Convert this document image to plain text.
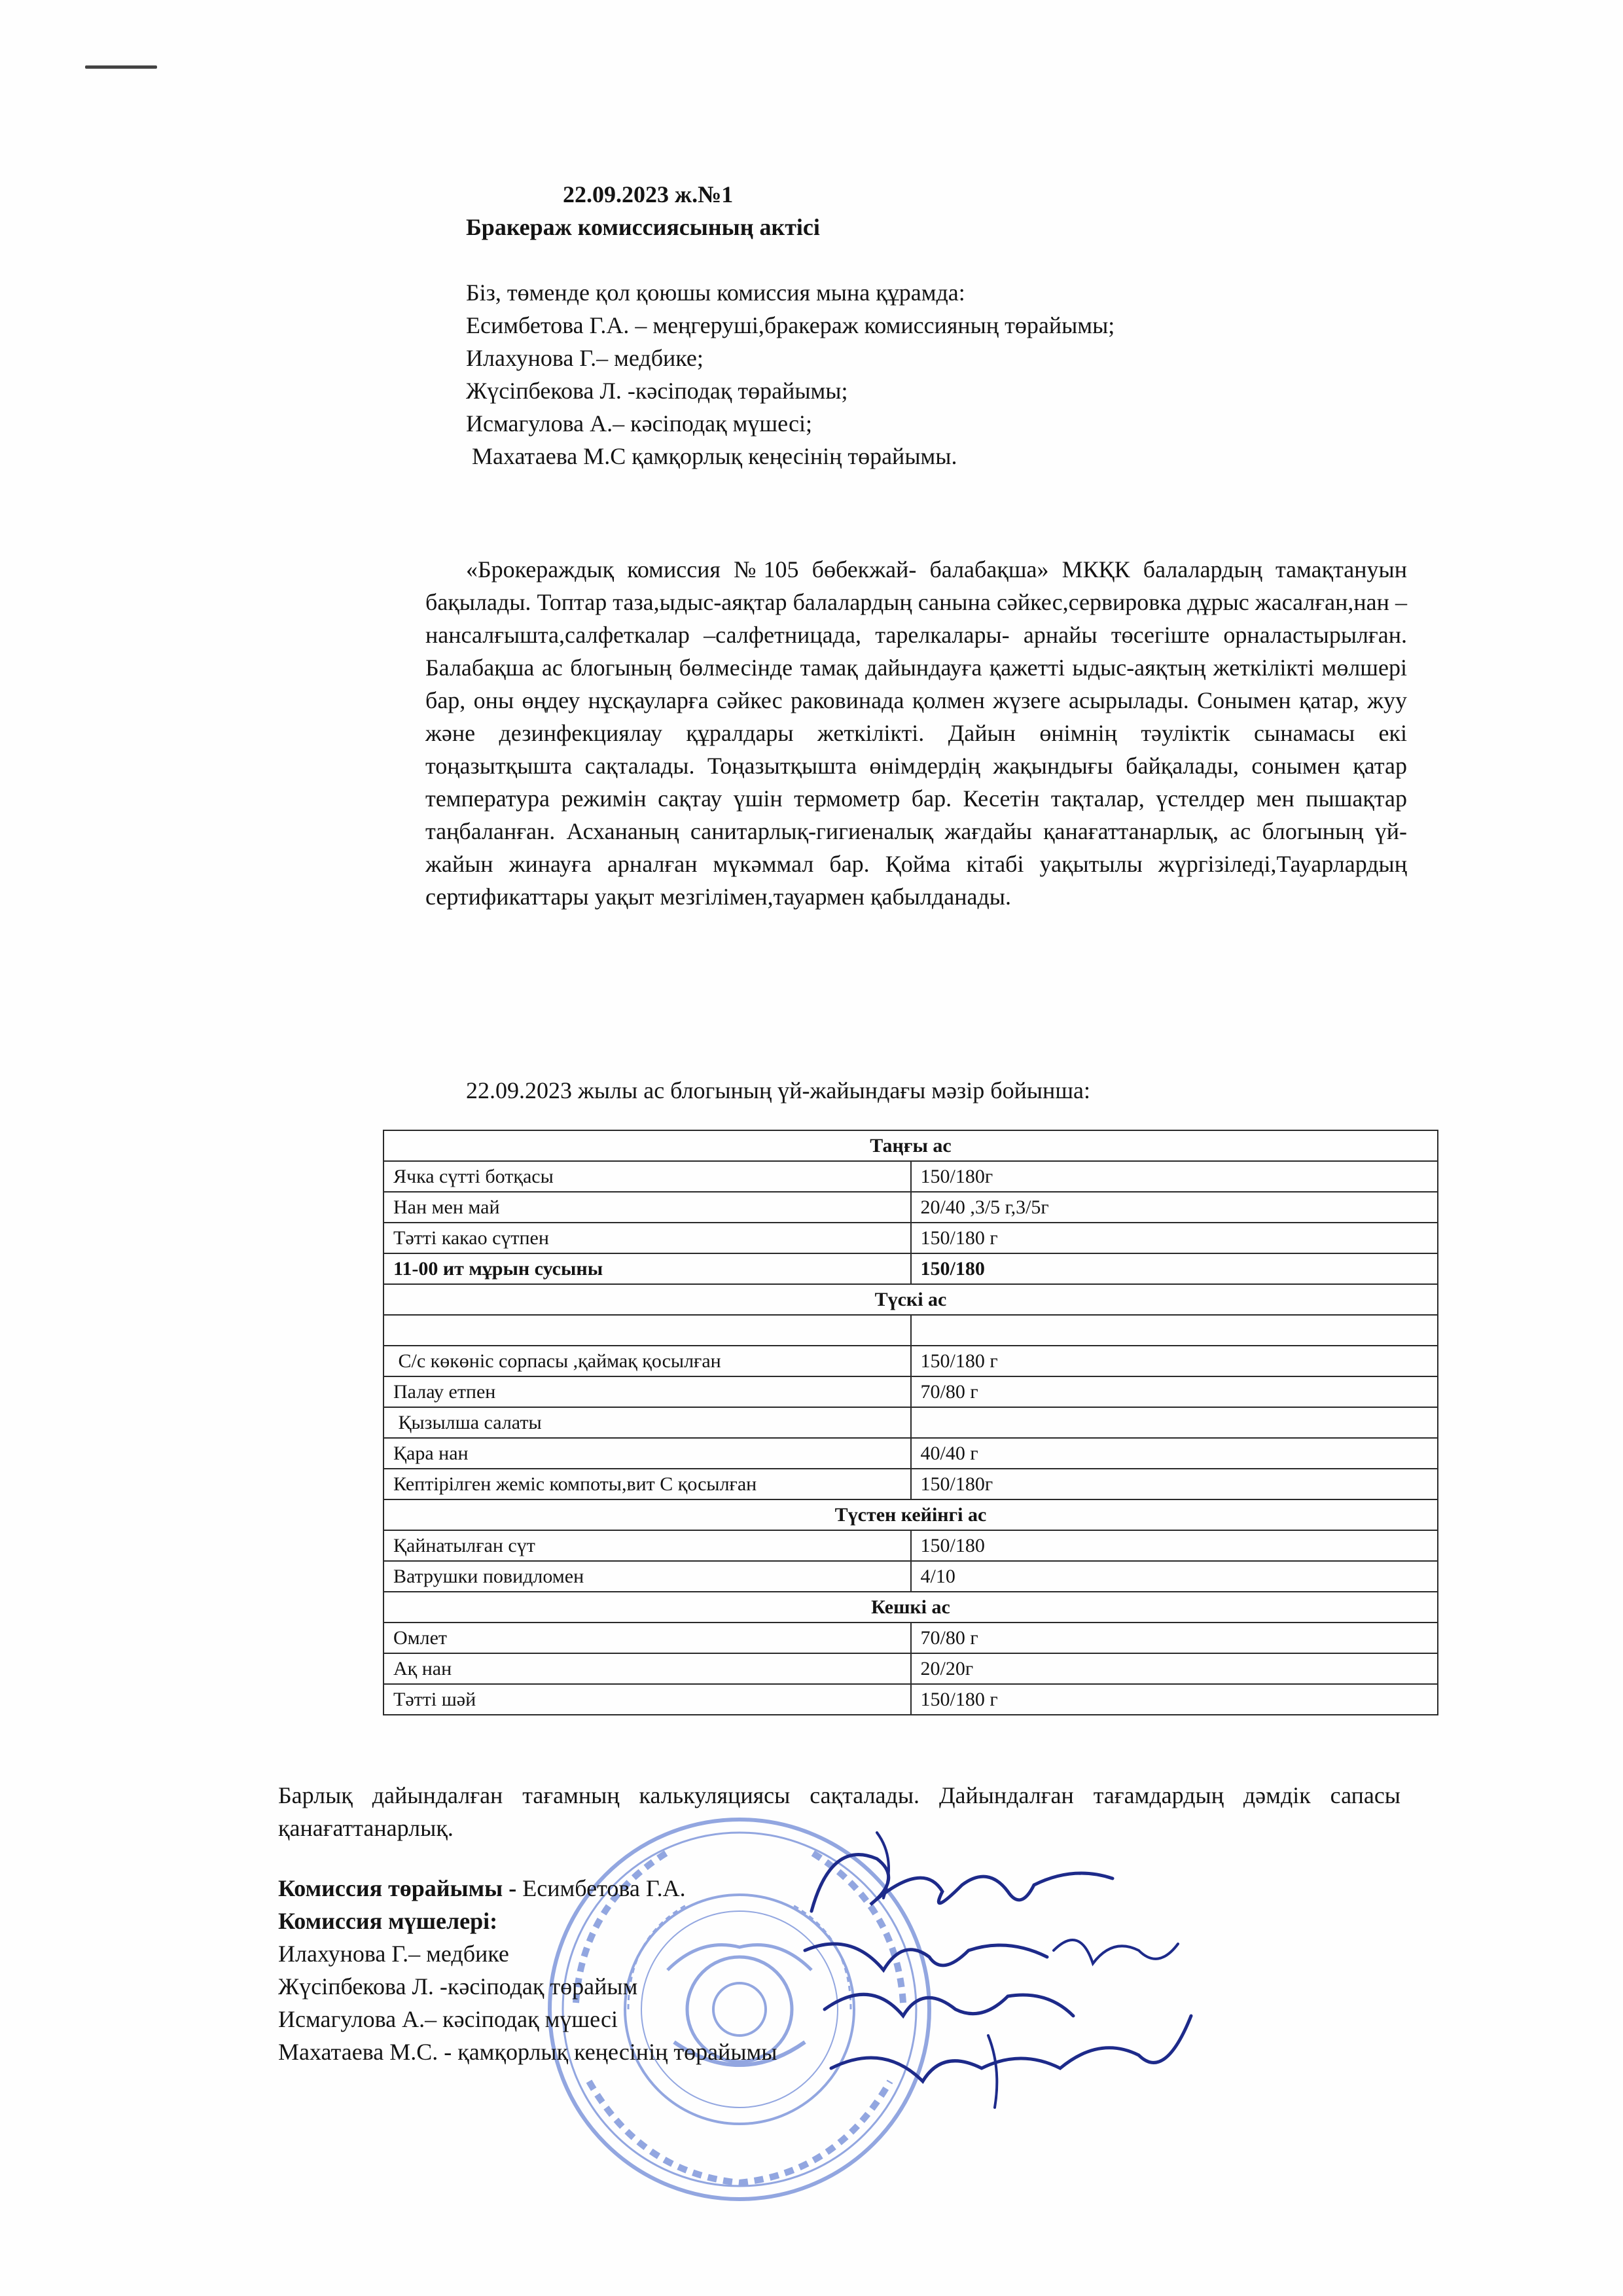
22.09.2023 ж.№1
Бракераж комиссиясының актісі
Біз, төменде қол қоюшы комиссия мына құрамда:
Есимбетова Г.А. – меңгеруші,бракераж комиссияның төрайымы;
Илахунова Г.– медбике;
Жүсіпбекова Л. -кәсіподақ төрайымы;
Исмагулова А.– кәсіподақ мүшесі;
Махатаева М.С қамқорлық кеңесінің төрайымы.
«Брокераждық комиссия №105 бөбекжай- балабақша» МКҚК балалардың тамақтануын бақылады. Топтар таза,ыдыс-аяқтар балалардың санына сәйкес,сервировка дұрыс жасалған,нан –нансалғышта,салфеткалар –салфетницада, тарелкалары- арнайы төсегіште орналастырылған. Балабақша ас блогының бөлмесінде тамақ дайындауға қажетті ыдыс-аяқтың жеткілікті мөлшері бар, оны өңдеу нұсқауларға сәйкес раковинада қолмен жүзеге асырылады. Сонымен қатар, жуу және дезинфекциялау құралдары жеткілікті. Дайын өнімнің тәуліктік сынамасы екі тоңазытқышта сақталады. Тоңазытқышта өнімдердің жақындығы байқалады, сонымен қатар температура режимін сақтау үшін термометр бар. Кесетін тақталар, үстелдер мен пышақтар таңбаланған. Асхананың санитарлық-гигиеналық жағдайы қанағаттанарлық, ас блогының үй-жайын жинауға арналған мүкәммал бар. Қойма кітабі уақытылы жүргізіледі,Тауарлардың сертификаттары уақыт мезгілімен,тауармен қабылданады.
22.09.2023 жылы ас блогының үй-жайындағы мәзір бойынша:
Таңғы ас	
Ячка сүтті ботқасы	150/180г
Нан мен май	20/40 ,3/5 г,3/5г
Тәтті какао сүтпен	150/180 г
11-00 ит мұрын сусыны	150/180
Түскі ас	

С/с көкөніс сорпасы ,қаймақ қосылған	150/180 г
Палау етпен	70/80 г
Қызылша салаты	
Қара нан	40/40 г
Кептірілген жеміс компоты,вит С қосылған	150/180г
Түстен кейінгі ас	
Қайнатылған сүт	150/180
Ватрушки повидломен	4/10
Кешкі ас	
Омлет	70/80 г
Ақ нан	20/20г
Тәтті шәй	150/180 г
Барлық дайындалған тағамның калькуляциясы сақталады. Дайындалған тағамдардың дәмдік сапасы қанағаттанарлық.
Комиссия төрайымы - Есимбетова Г.А.
Комиссия мүшелері:
Илахунова Г.– медбике
Жүсіпбекова Л. -кәсіподақ төрайым
Исмагулова А.– кәсіподақ мүшесі
Махатаева М.С. - қамқорлық кеңесінің төрайымы
